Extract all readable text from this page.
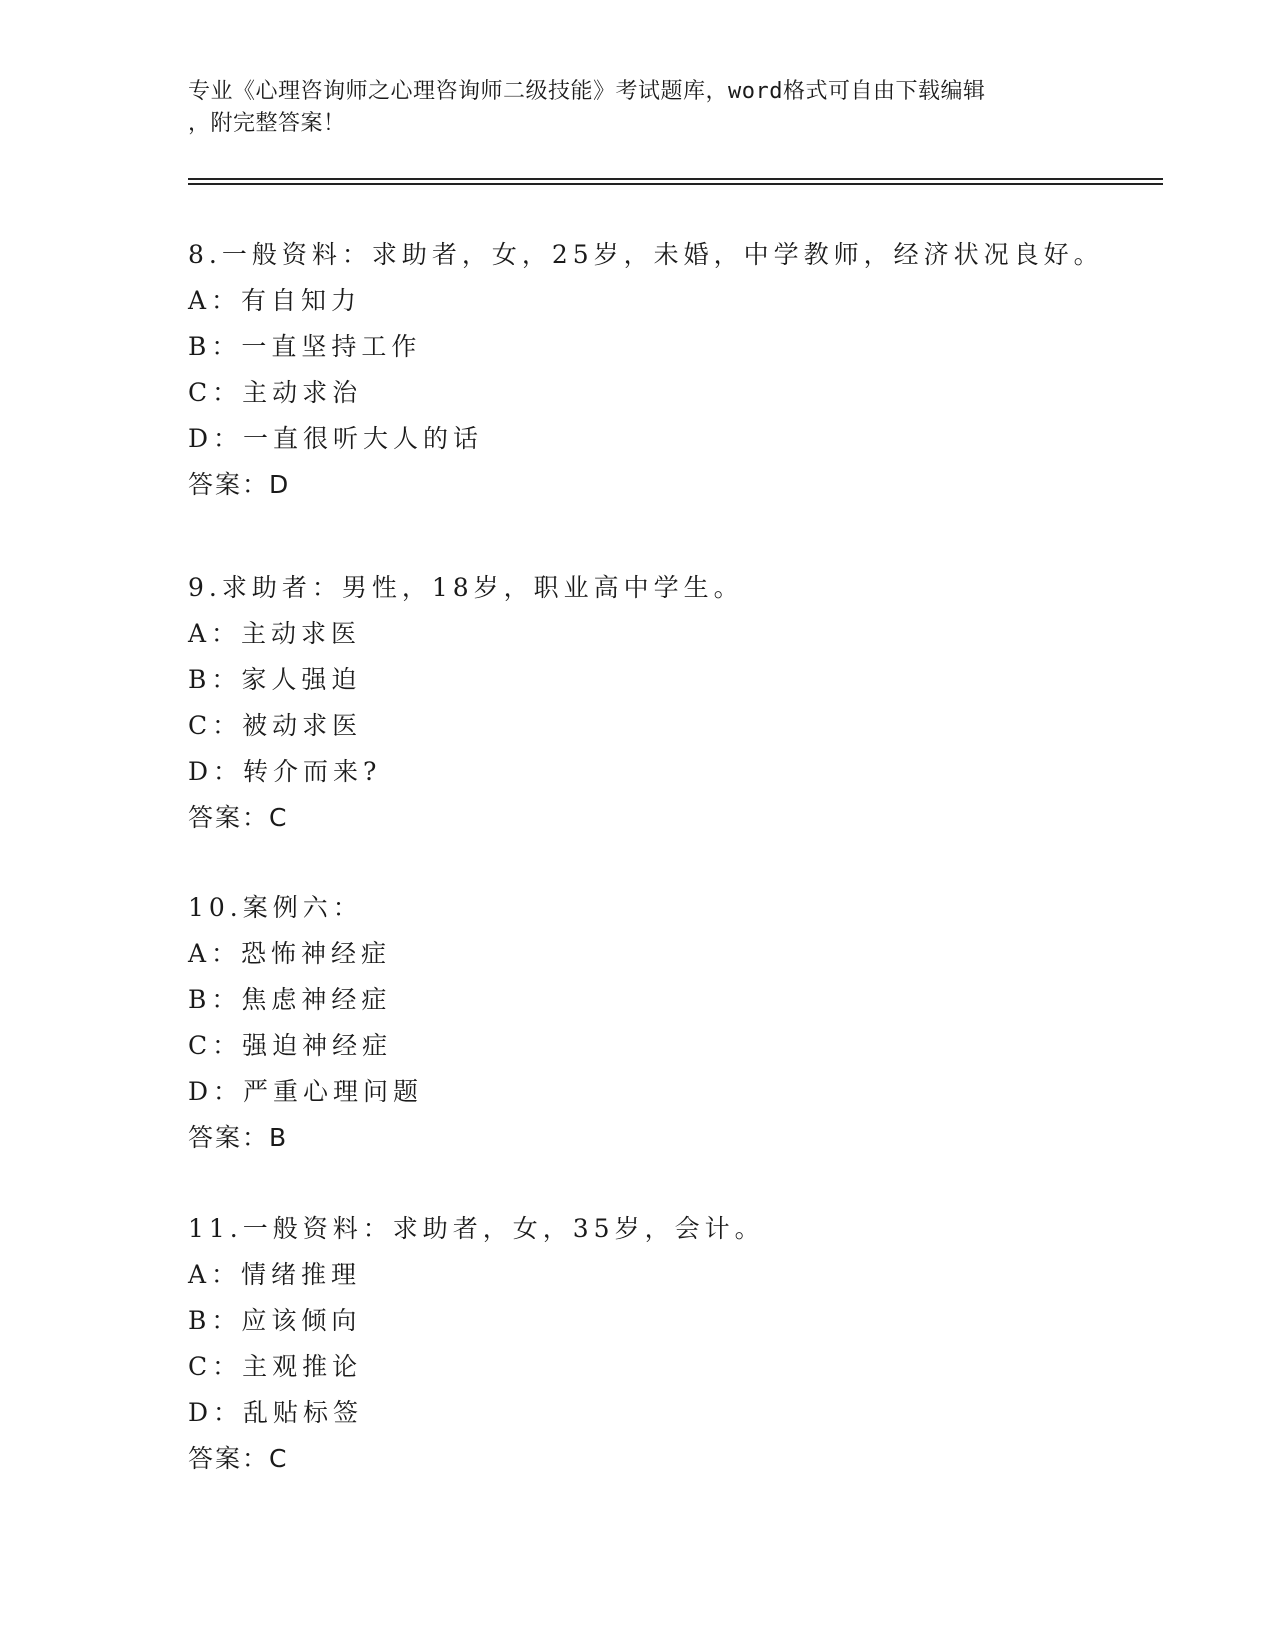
专业《心理咨询师之心理咨询师二级技能》考试题库，word格式可自由下载编辑
，附完整答案！
8.一般资料：求助者，女，25岁，未婚，中学教师，经济状况良好。
A：有自知力
B：一直坚持工作
C：主动求治
D：一直很听大人的话
答案：D
9.求助者：男性，18岁，职业高中学生。
A：主动求医
B：家人强迫
C：被动求医
D：转介而来?
答案：C
10.案例六：
A：恐怖神经症
B：焦虑神经症
C：强迫神经症
D：严重心理问题
答案：B
11.一般资料：求助者，女，35岁，会计。
A：情绪推理
B：应该倾向
C：主观推论
D：乱贴标签
答案：C
